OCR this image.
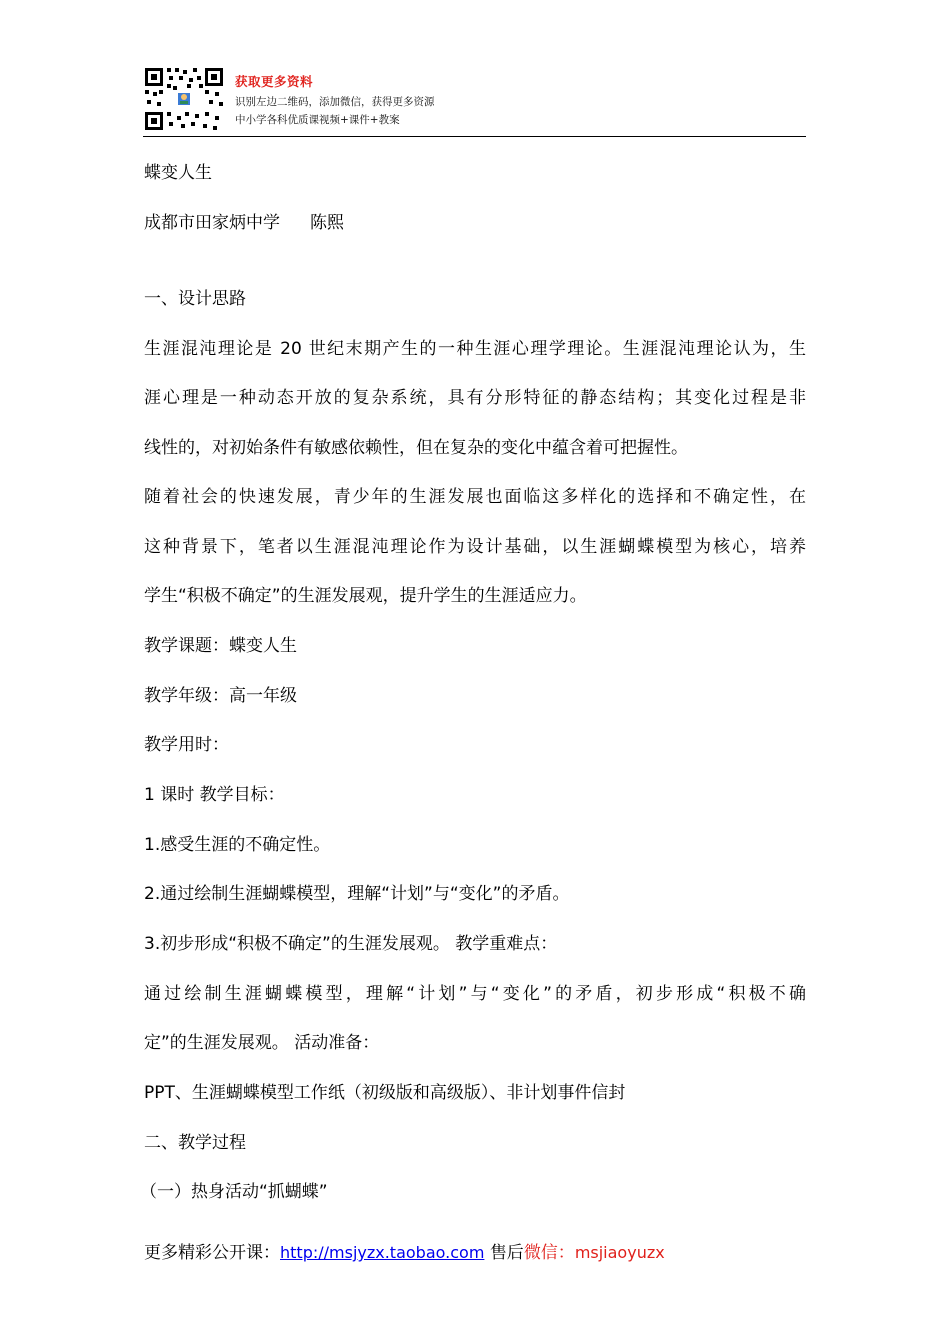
获取更多资料
识别左边二维码，添加微信，获得更多资源
中小学各科优质课视频+课件+教案
蝶变人生
成都市田家炳中学 陈熙
一、设计思路
生涯混沌理论是 20 世纪末期产生的一种生涯心理学理论。生涯混沌理论认为，生
涯心理是一种动态开放的复杂系统，具有分形特征的静态结构；其变化过程是非
线性的，对初始条件有敏感依赖性，但在复杂的变化中蕴含着可把握性。
随着社会的快速发展，青少年的生涯发展也面临这多样化的选择和不确定性，在
这种背景下，笔者以生涯混沌理论作为设计基础，以生涯蝴蝶模型为核心，培养
学生“积极不确定”的生涯发展观，提升学生的生涯适应力。
教学课题：蝶变人生
教学年级：高一年级
教学用时：
1 课时 教学目标：
1.感受生涯的不确定性。
2.通过绘制生涯蝴蝶模型，理解“计划”与“变化”的矛盾。
3.初步形成“积极不确定”的生涯发展观。 教学重难点：
通过绘制生涯蝴蝶模型，理解“计划”与“变化”的矛盾，初步形成“积极不确
定”的生涯发展观。 活动准备：
PPT、生涯蝴蝶模型工作纸（初级版和高级版）、非计划事件信封
二、教学过程
（一）热身活动“抓蝴蝶”
更多精彩公开课：http://msjyzx.taobao.com 售后微信：msjiaoyuzx
